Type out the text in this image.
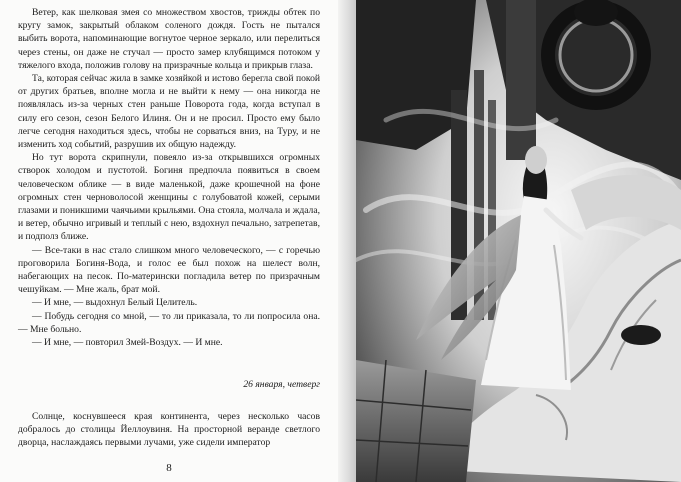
Ветер, как шелковая змея со множеством хвостов, трижды обтек по кругу замок, закрытый облаком соленого дождя. Гость не пытался выбить ворота, напоминающие вогнутое черное зеркало, или перелиться через стены, он даже не стучал — просто замер клубящимся потоком у тяжелого входа, положив голову на призрачные кольца и прикрыв глаза.

Та, которая сейчас жила в замке хозяйкой и истово берегла свой покой от других братьев, вполне могла и не выйти к нему — она никогда не появлялась из-за черных стен раньше Поворота года, когда вступал в силу его сезон, сезон Белого Илиня. Он и не просил. Просто ему было легче сегодня находиться здесь, чтобы не сорваться вниз, на Туру, и не изменить ход событий, разрушив их общую надежду.

Но тут ворота скрипнули, повеяло из-за открывшихся огромных створок холодом и пустотой. Богиня предпочла появиться в своем человеческом облике — в виде маленькой, даже крошечной на фоне огромных стен черноволосой женщины с голубоватой кожей, серыми глазами и поникшими чаячьими крыльями. Она стояла, молчала и ждала, и ветер, обычно игривый и теплый с нею, вздохнул печально, затрепетав, и подполз ближе.

— Все-таки в нас стало слишком много человеческого, — с горечью проговорила Богиня-Вода, и голос ее был похож на шелест волн, набегающих на песок. По-матерински погладила ветер по призрачным чешуйкам. — Мне жаль, брат мой.

— И мне, — выдохнул Белый Целитель.

— Побудь сегодня со мной, — то ли приказала, то ли попросила она. — Мне больно.

— И мне, — повторил Змей-Воздух. — И мне.

26 января, четверг

Солнце, коснувшееся края континента, через несколько часов добралось до столицы Йеллоувиня. На просторной веранде светлого дворца, наслаждаясь первыми лучами, уже сидели император

8
